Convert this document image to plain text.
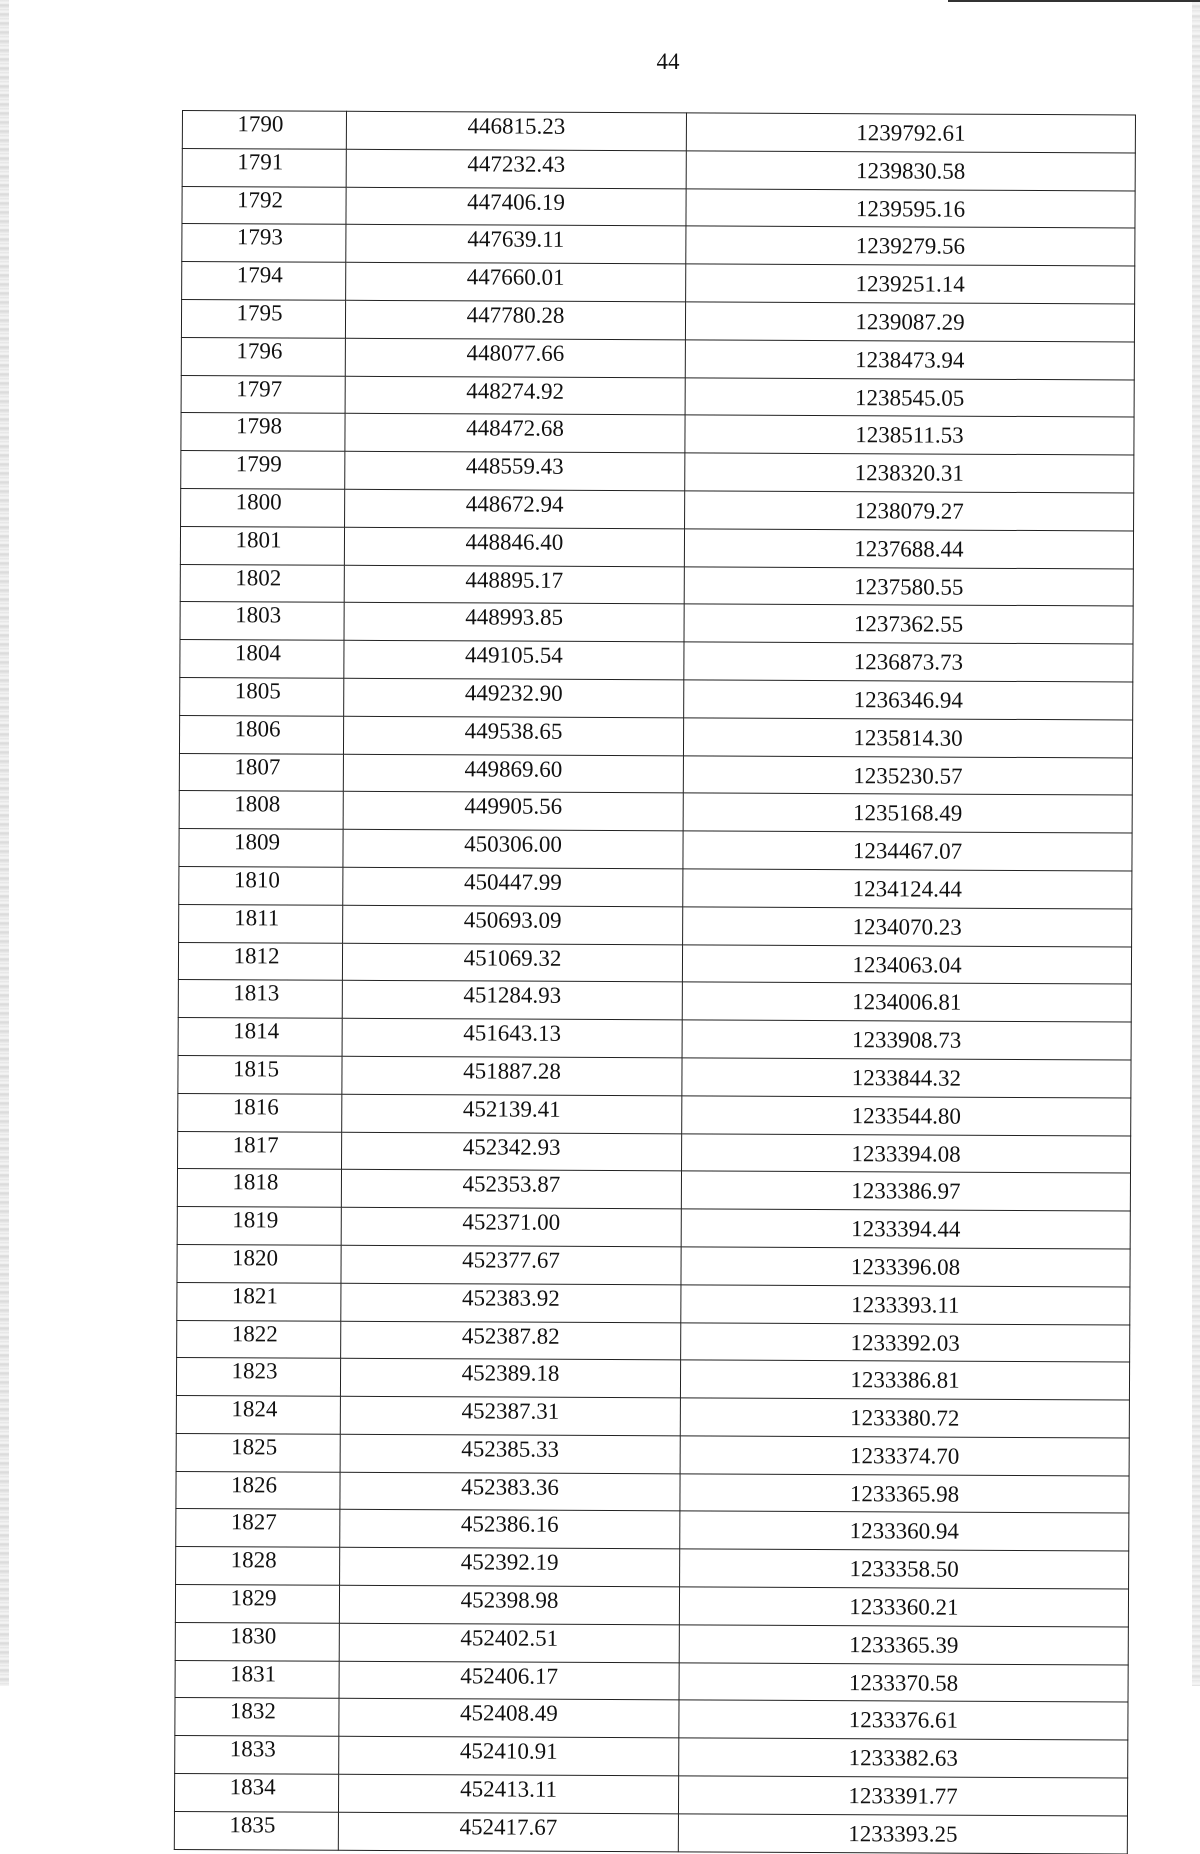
44
1790	446815.23	1239792.61
1791	447232.43	1239830.58
1792	447406.19	1239595.16
1793	447639.11	1239279.56
1794	447660.01	1239251.14
1795	447780.28	1239087.29
1796	448077.66	1238473.94
1797	448274.92	1238545.05
1798	448472.68	1238511.53
1799	448559.43	1238320.31
1800	448672.94	1238079.27
1801	448846.40	1237688.44
1802	448895.17	1237580.55
1803	448993.85	1237362.55
1804	449105.54	1236873.73
1805	449232.90	1236346.94
1806	449538.65	1235814.30
1807	449869.60	1235230.57
1808	449905.56	1235168.49
1809	450306.00	1234467.07
1810	450447.99	1234124.44
1811	450693.09	1234070.23
1812	451069.32	1234063.04
1813	451284.93	1234006.81
1814	451643.13	1233908.73
1815	451887.28	1233844.32
1816	452139.41	1233544.80
1817	452342.93	1233394.08
1818	452353.87	1233386.97
1819	452371.00	1233394.44
1820	452377.67	1233396.08
1821	452383.92	1233393.11
1822	452387.82	1233392.03
1823	452389.18	1233386.81
1824	452387.31	1233380.72
1825	452385.33	1233374.70
1826	452383.36	1233365.98
1827	452386.16	1233360.94
1828	452392.19	1233358.50
1829	452398.98	1233360.21
1830	452402.51	1233365.39
1831	452406.17	1233370.58
1832	452408.49	1233376.61
1833	452410.91	1233382.63
1834	452413.11	1233391.77
1835	452417.67	1233393.25
